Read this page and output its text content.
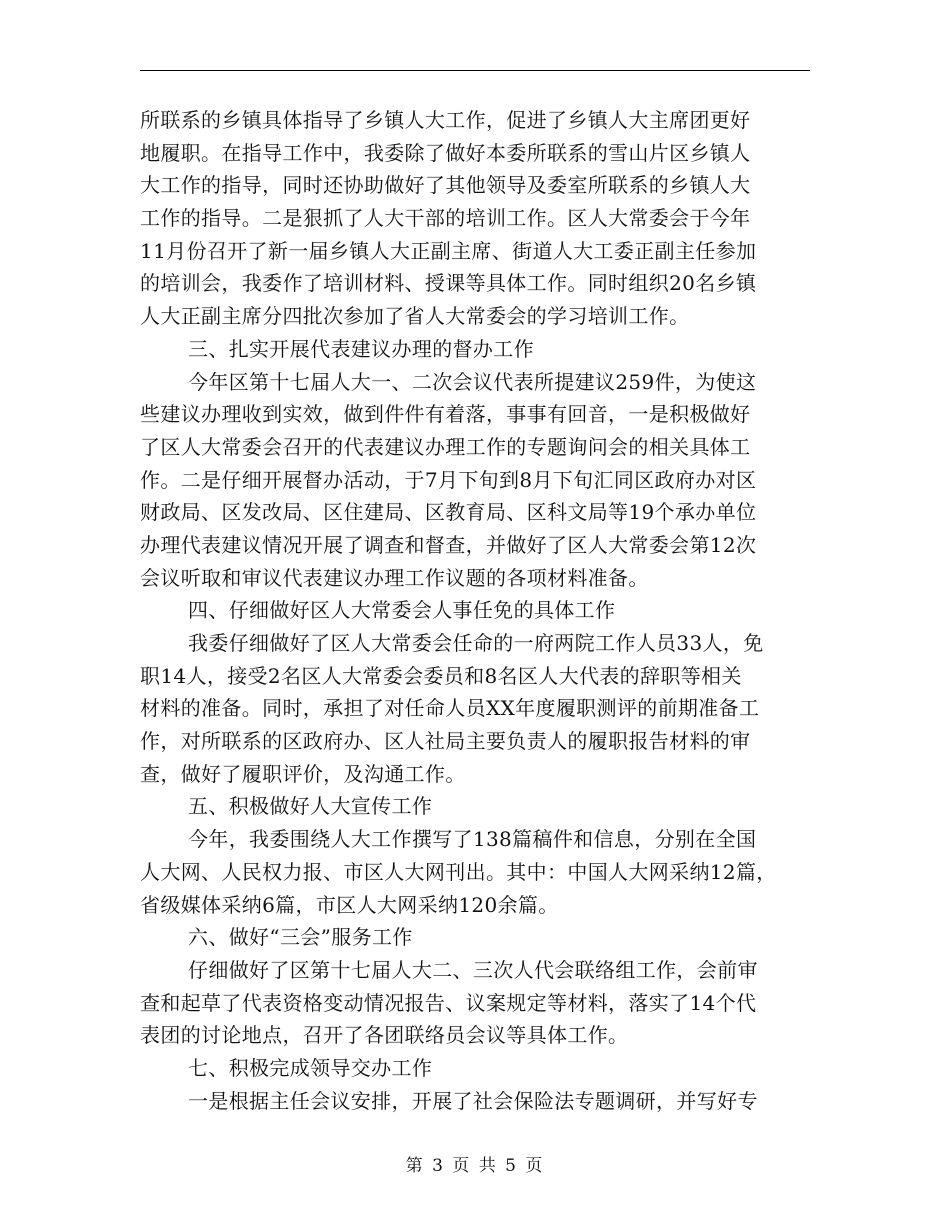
所联系的乡镇具体指导了乡镇人大工作，促进了乡镇人大主席团更好
地履职。在指导工作中，我委除了做好本委所联系的雪山片区乡镇人
大工作的指导，同时还协助做好了其他领导及委室所联系的乡镇人大
工作的指导。二是狠抓了人大干部的培训工作。区人大常委会于今年
11月份召开了新一届乡镇人大正副主席、街道人大工委正副主任参加
的培训会，我委作了培训材料、授课等具体工作。同时组织20名乡镇
人大正副主席分四批次参加了省人大常委会的学习培训工作。
三、扎实开展代表建议办理的督办工作
今年区第十七届人大一、二次会议代表所提建议259件，为使这
些建议办理收到实效，做到件件有着落，事事有回音，一是积极做好
了区人大常委会召开的代表建议办理工作的专题询问会的相关具体工
作。二是仔细开展督办活动，于7月下旬到8月下旬汇同区政府办对区
财政局、区发改局、区住建局、区教育局、区科文局等19个承办单位
办理代表建议情况开展了调查和督查，并做好了区人大常委会第12次
会议听取和审议代表建议办理工作议题的各项材料准备。
四、仔细做好区人大常委会人事任免的具体工作
我委仔细做好了区人大常委会任命的一府两院工作人员33人，免
职14人，接受2名区人大常委会委员和8名区人大代表的辞职等相关
材料的准备。同时，承担了对任命人员XX年度履职测评的前期准备工
作，对所联系的区政府办、区人社局主要负责人的履职报告材料的审
查，做好了履职评价，及沟通工作。
五、积极做好人大宣传工作
今年，我委围绕人大工作撰写了138篇稿件和信息，分别在全国
人大网、人民权力报、市区人大网刊出。其中：中国人大网采纳12篇，
省级媒体采纳6篇，市区人大网采纳120余篇。
六、做好“三会”服务工作
仔细做好了区第十七届人大二、三次人代会联络组工作，会前审
查和起草了代表资格变动情况报告、议案规定等材料，落实了14个代
表团的讨论地点，召开了各团联络员会议等具体工作。
七、积极完成领导交办工作
一是根据主任会议安排，开展了社会保险法专题调研，并写好专
第 3 页 共 5 页
